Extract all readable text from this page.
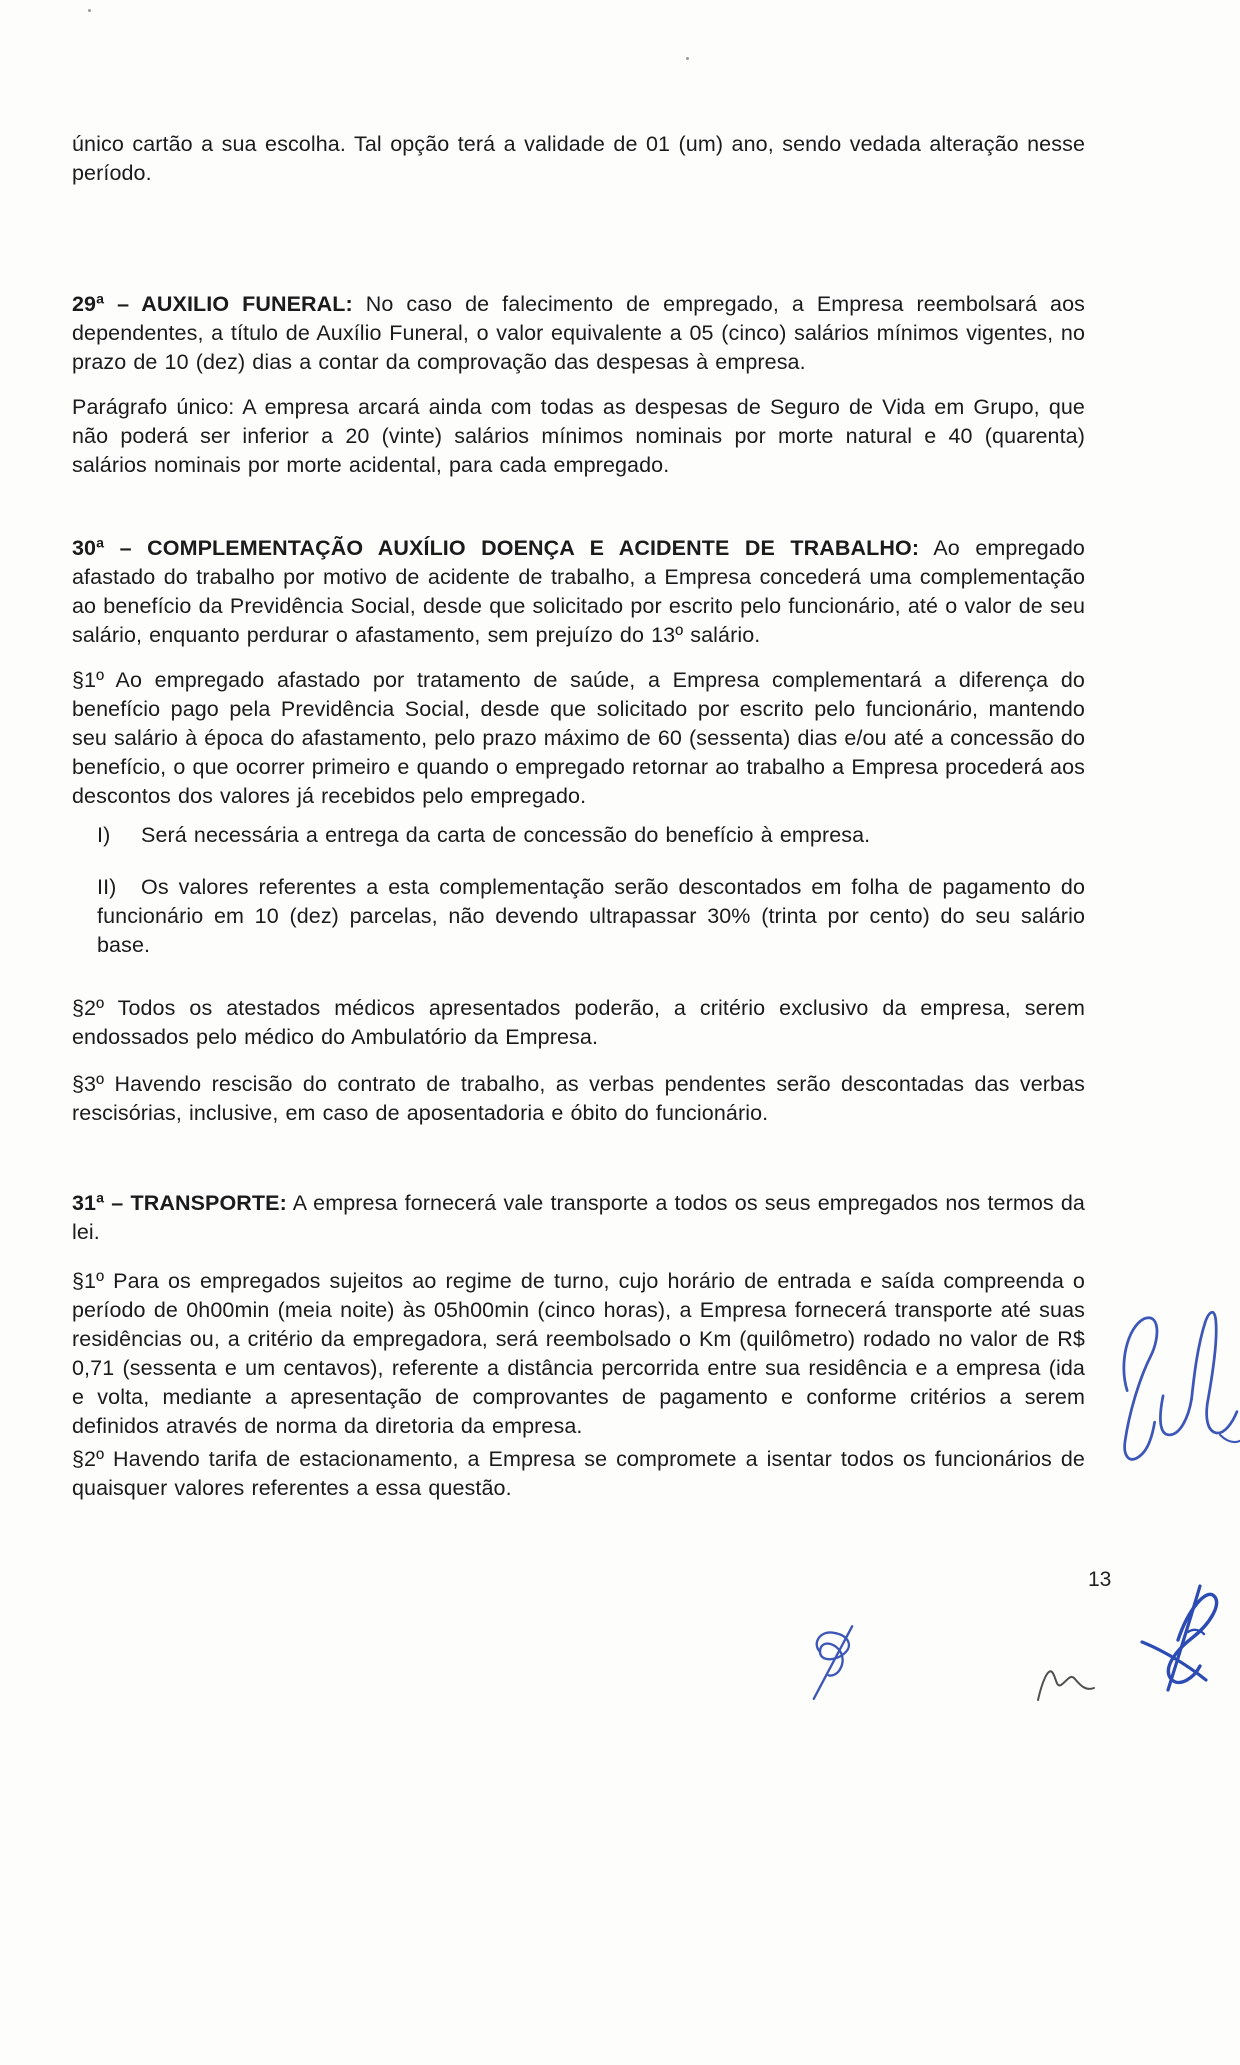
único cartão a sua escolha. Tal opção terá a validade de 01 (um) ano, sendo vedada alteração nesse período.

29ª – AUXILIO FUNERAL: No caso de falecimento de empregado, a Empresa reembolsará aos dependentes, a título de Auxílio Funeral, o valor equivalente a 05 (cinco) salários mínimos vigentes, no prazo de 10 (dez) dias a contar da comprovação das despesas à empresa.

Parágrafo único: A empresa arcará ainda com todas as despesas de Seguro de Vida em Grupo, que não poderá ser inferior a 20 (vinte) salários mínimos nominais por morte natural e 40 (quarenta) salários nominais por morte acidental, para cada empregado.

30ª – COMPLEMENTAÇÃO AUXÍLIO DOENÇA E ACIDENTE DE TRABALHO: Ao empregado afastado do trabalho por motivo de acidente de trabalho, a Empresa concederá uma complementação ao benefício da Previdência Social, desde que solicitado por escrito pelo funcionário, até o valor de seu salário, enquanto perdurar o afastamento, sem prejuízo do 13º salário.

§1º Ao empregado afastado por tratamento de saúde, a Empresa complementará a diferença do benefício pago pela Previdência Social, desde que solicitado por escrito pelo funcionário, mantendo seu salário à época do afastamento, pelo prazo máximo de 60 (sessenta) dias e/ou até a concessão do benefício, o que ocorrer primeiro e quando o empregado retornar ao trabalho a Empresa procederá aos descontos dos valores já recebidos pelo empregado.

I) Será necessária a entrega da carta de concessão do benefício à empresa.

II) Os valores referentes a esta complementação serão descontados em folha de pagamento do funcionário em 10 (dez) parcelas, não devendo ultrapassar 30% (trinta por cento) do seu salário base.

§2º Todos os atestados médicos apresentados poderão, a critério exclusivo da empresa, serem endossados pelo médico do Ambulatório da Empresa.

§3º Havendo rescisão do contrato de trabalho, as verbas pendentes serão descontadas das verbas rescisórias, inclusive, em caso de aposentadoria e óbito do funcionário.

31ª – TRANSPORTE: A empresa fornecerá vale transporte a todos os seus empregados nos termos da lei.

§1º Para os empregados sujeitos ao regime de turno, cujo horário de entrada e saída compreenda o período de 0h00min (meia noite) às 05h00min (cinco horas), a Empresa fornecerá transporte até suas residências ou, a critério da empregadora, será reembolsado o Km (quilômetro) rodado no valor de R$ 0,71 (sessenta e um centavos), referente a distância percorrida entre sua residência e a empresa (ida e volta, mediante a apresentação de comprovantes de pagamento e conforme critérios a serem definidos através de norma da diretoria da empresa.

§2º Havendo tarifa de estacionamento, a Empresa se compromete a isentar todos os funcionários de quaisquer valores referentes a essa questão.

13
